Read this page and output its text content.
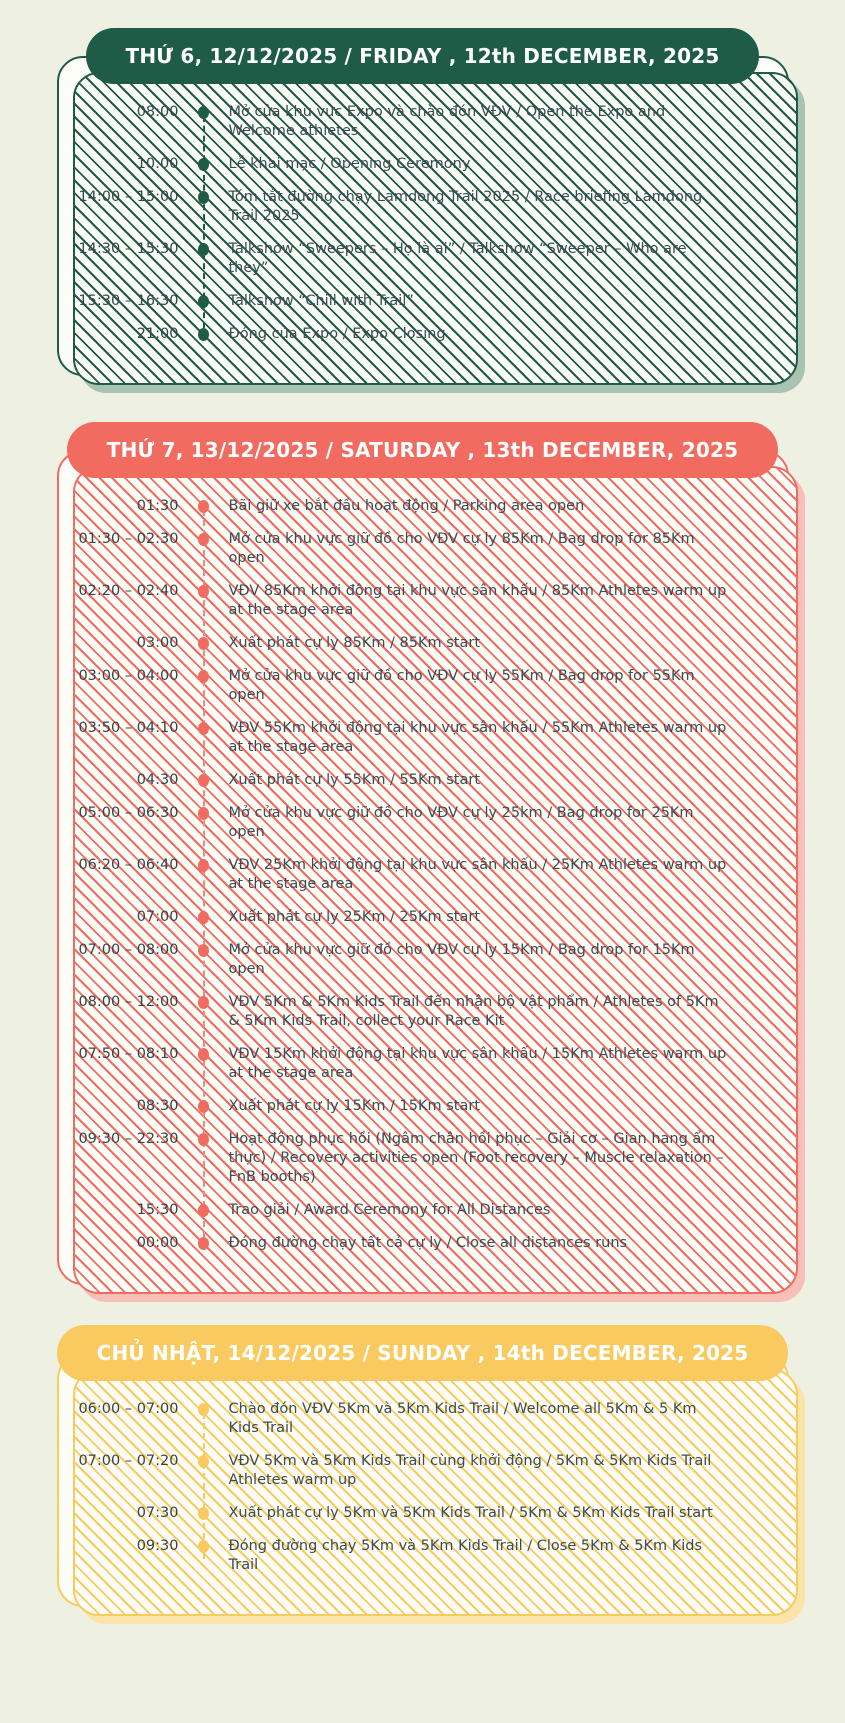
THỨ 6, 12/12/2025 / FRIDAY , 12th DECEMBER, 2025
08:00	Mở cửa khu vực Expo và chào đón VĐV / Open the Expo and Welcome athletes
10:00	Lễ khai mạc / Opening Ceremony
14:00 – 15:00	Tóm tắt đường chạy Lamdong Trail 2025 / Race briefing Lamdong Trail 2025
14:30 – 15:30	Talkshow “Sweepers – Họ là ai” / Talkshow “Sweeper – Who are they”
15:30 – 16:30	Talkshow “Chill with Trail”
21:00	Đóng cửa Expo / Expo Closing
THỨ 7, 13/12/2025 / SATURDAY , 13th DECEMBER, 2025
01:30	Bãi giữ xe bắt đầu hoạt động / Parking area open
01:30 – 02:30	Mở cửa khu vực giữ đồ cho VĐV cự ly 85Km / Bag drop for 85Km open
02:20 – 02:40	VĐV 85Km khởi động tại khu vực sân khấu / 85Km Athletes warm up at the stage area
03:00	Xuất phát cự ly 85Km / 85Km start
03:00 – 04:00	Mở cửa khu vực giữ đồ cho VĐV cự ly 55Km / Bag drop for 55Km open
03:50 – 04:10	VĐV 55Km khởi động tại khu vực sân khấu / 55Km Athletes warm up at the stage area
04:30	Xuất phát cự ly 55Km / 55Km start
05:00 – 06:30	Mở cửa khu vực giữ đồ cho VĐV cự ly 25km / Bag drop for 25Km open
06:20 – 06:40	VĐV 25Km khởi động tại khu vực sân khấu / 25Km Athletes warm up at the stage area
07:00	Xuất phát cự ly 25Km / 25Km start
07:00 – 08:00	Mở cửa khu vực giữ đồ cho VĐV cự ly 15Km / Bag drop for 15Km open
08:00 – 12:00	VĐV 5Km & 5Km Kids Trail đến nhận bộ vật phẩm / Athletes of 5Km & 5Km Kids Trail, collect your Race Kit
07:50 – 08:10	VĐV 15Km khởi động tại khu vực sân khấu / 15Km Athletes warm up at the stage area
08:30	Xuất phát cự ly 15Km / 15Km start
09:30 – 22:30	Hoạt động phục hồi (Ngâm chân hồi phục – Giải cơ – Gian hang ẩm thực) / Recovery activities open (Foot recovery – Muscle relaxation – FnB booths)
15:30	Trao giải / Award Ceremony for All Distances
00:00	Đóng đường chạy tất cả cự ly / Close all distances runs
CHỦ NHẬT, 14/12/2025 / SUNDAY , 14th DECEMBER, 2025
06:00 – 07:00	Chào đón VĐV 5Km và 5Km Kids Trail / Welcome all 5Km & 5 Km Kids Trail
07:00 – 07:20	VĐV 5Km và 5Km Kids Trail cùng khởi động / 5Km & 5Km Kids Trail Athletes warm up
07:30	Xuất phát cự ly 5Km và 5Km Kids Trail / 5Km & 5Km Kids Trail start
09:30	Đóng đường chạy 5Km và 5Km Kids Trail / Close 5Km & 5Km Kids Trail
